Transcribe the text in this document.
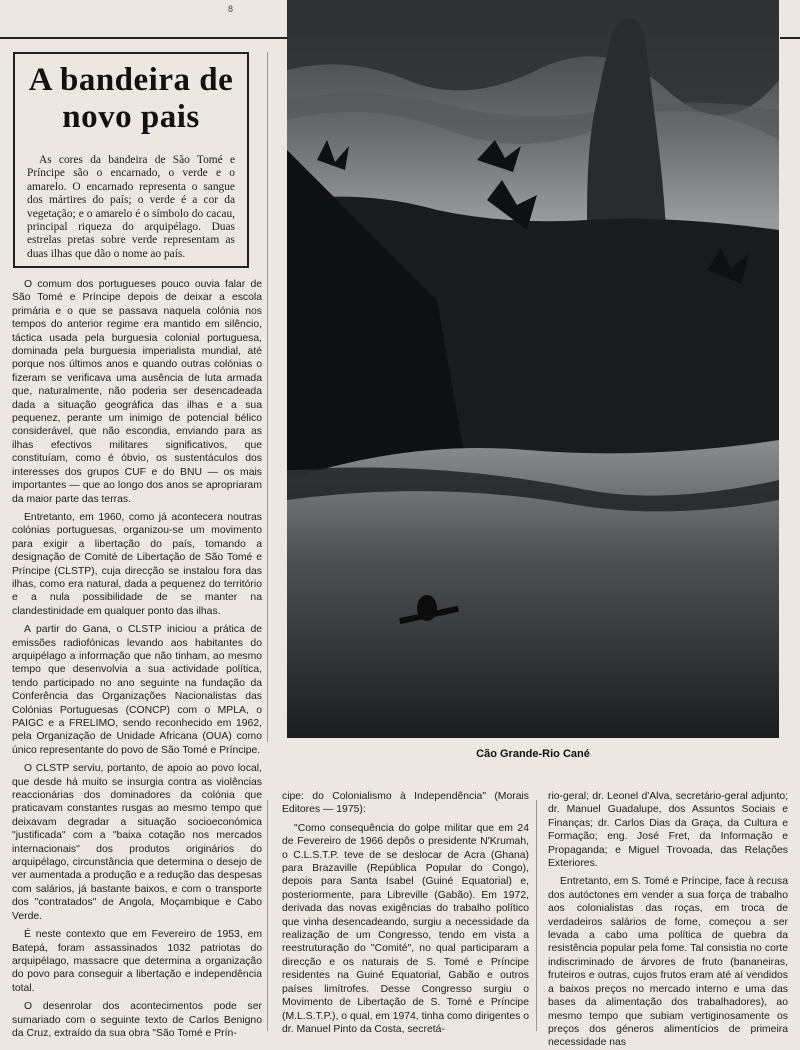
8
A bandeira de novo pais

As cores da bandeira de São Tomé e Príncipe são o encarnado, o verde e o amarelo. O encarnado representa o sangue dos mártires do país; o verde é a cor da vegetação; e o amarelo é o símbolo do cacau, principal riqueza do arquipélago. Duas estrelas pretas sobre verde representam as duas ilhas que dão o nome ao país.

O comum dos portugueses pouco ouvia falar de São Tomé e Príncipe depois de deixar a escola primária e o que se passava naquela colónia nos tempos do anterior regime era mantido em silêncio, táctica usada pela burguesia colonial portuguesa, dominada pela burguesia imperialista mundial, até porque nos últimos anos e quando outras colónias o fizeram se verificava uma ausência de luta armada que, naturalmente, não poderia ser desencadeada dada a situação geográfica das ilhas e a sua pequenez, perante um inimigo de potencial bélico considerável, que não escondia, enviando para as ilhas efectivos militares significativos, que constituíam, como é óbvio, os sustentáculos dos interesses dos grupos CUF e do BNU — os mais importantes — que ao longo dos anos se apropriaram da maior parte das terras.

Entretanto, em 1960, como já acontecera noutras colónias portuguesas, organizou-se um movimento para exigir a libertação do país, tomando a designação de Comité de Libertação de São Tomé e Príncipe (CLSTP), cuja direcção se instalou fora das ilhas, como era natural, dada a pequenez do território e a nula possibilidade de se manter na clandestinidade em qualquer ponto das ilhas.

A partir do Gana, o CLSTP iniciou a prática de emissões radiofónicas levando aos habitantes do arquipélago a informação que não tinham, ao mesmo tempo que desenvolvia a sua actividade política, tendo participado no ano seguinte na fundação da Conferência das Organizações Nacionalistas das Colónias Portuguesas (CONCP) com o MPLA, o PAIGC e a FRELIMO, sendo reconhecido em 1962, pela Organização de Unidade Africana (OUA) como único representante do povo de São Tomé e Príncipe.

O CLSTP serviu, portanto, de apoio ao povo local, que desde há muito se insurgia contra as violências reaccionárias dos dominadores da colónia que praticavam constantes rusgas ao mesmo tempo que deixavam degradar a situação socioeconómica "justificada" com a "baixa cotação nos mercados internacionais" dos produtos originários do arquipélago, circunstância que determina o desejo de ver aumentada a produção e a redução das despesas com salários, já bastante baixos, e com o transporte dos "contratados" de Angola, Moçambique e Cabo Verde.

É neste contexto que em Fevereiro de 1953, em Batepá, foram assassinados 1032 patriotas do arquipélago, massacre que determina a organização do povo para conseguir a libertação e independência total.

O desenrolar dos acontecimentos pode ser sumariado com o seguinte texto de Carlos Benigno da Cruz, extraído da sua obra "São Tomé e Prín-

Cão Grande-Rio Cané

cipe: do Colonialismo à Independência" (Morais Editores — 1975):

"Como consequência do golpe militar que em 24 de Fevereiro de 1966 depôs o presidente N'Krumah, o C.L.S.T.P. teve de se deslocar de Acra (Ghana) para Brazaville (República Popular do Congo), depois para Santa Isabel (Guiné Equatorial) e, posteriormente, para Libreville (Gabão). Em 1972, derivada das novas exigências do trabalho político que vinha desencadeando, surgiu a necessidade da realização de um Congresso, tendo em vista a reestruturação do "Comité", no qual participaram a direcção e os naturais de S. Tomé e Príncipe residentes na Guiné Equatorial, Gabão e outros países limítrofes. Desse Congresso surgiu o Movimento de Libertação de S. Tomé e Príncipe (M.L.S.T.P.), o qual, em 1974, tinha como dirigentes o dr. Manuel Pinto da Costa, secretá-

rio-geral; dr. Leonel d'Alva, secretário-geral adjunto; dr. Manuel Guadalupe, dos Assuntos Sociais e Finanças; dr. Carlos Dias da Graça, da Cultura e Formação; eng. José Fret, da Informação e Propaganda; e Miguel Trovoada, das Relações Exteriores.

Entretanto, em S. Tomé e Príncipe, face à recusa dos autóctones em vender a sua força de trabalho aos colonialistas das roças, em troca de verdadeiros salários de fome, começou a ser levada a cabo uma política de quebra da resistência popular pela fome. Tal consistia no corte indiscriminado de árvores de fruto (bananeiras, fruteiros e outras, cujos frutos eram até aí vendidos a baixos preços no mercado interno e uma das bases da alimentação dos trabalhadores), ao mesmo tempo que subiam vertiginosamente os preços dos géneros alimentícios de primeira necessidade nas
